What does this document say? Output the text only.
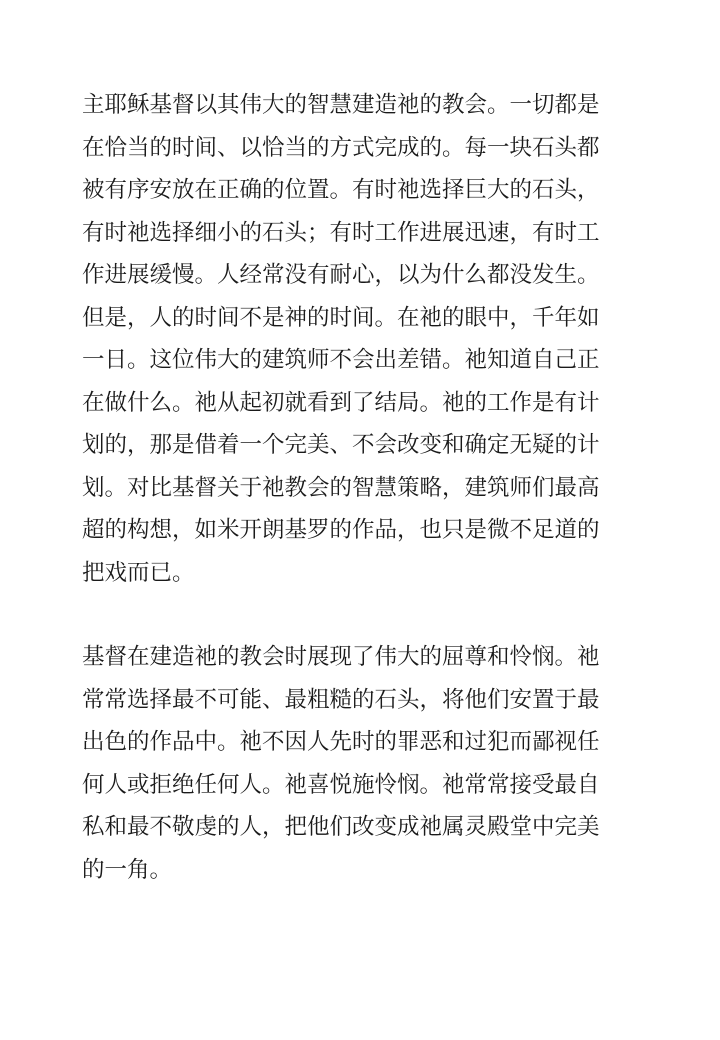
主耶稣基督以其伟大的智慧建造祂的教会。一切都是
在恰当的时间、以恰当的方式完成的。每一块石头都
被有序安放在正确的位置。有时祂选择巨大的石头，
有时祂选择细小的石头；有时工作进展迅速，有时工
作进展缓慢。人经常没有耐心，以为什么都没发生。
但是，人的时间不是神的时间。在祂的眼中，千年如
一日。这位伟大的建筑师不会出差错。祂知道自己正
在做什么。祂从起初就看到了结局。祂的工作是有计
划的，那是借着一个完美、不会改变和确定无疑的计
划。对比基督关于祂教会的智慧策略，建筑师们最高
超的构想，如米开朗基罗的作品，也只是微不足道的
把戏而已。

基督在建造祂的教会时展现了伟大的屈尊和怜悯。祂
常常选择最不可能、最粗糙的石头，将他们安置于最
出色的作品中。祂不因人先时的罪恶和过犯而鄙视任
何人或拒绝任何人。祂喜悦施怜悯。祂常常接受最自
私和最不敬虔的人，把他们改变成祂属灵殿堂中完美
的一角。
